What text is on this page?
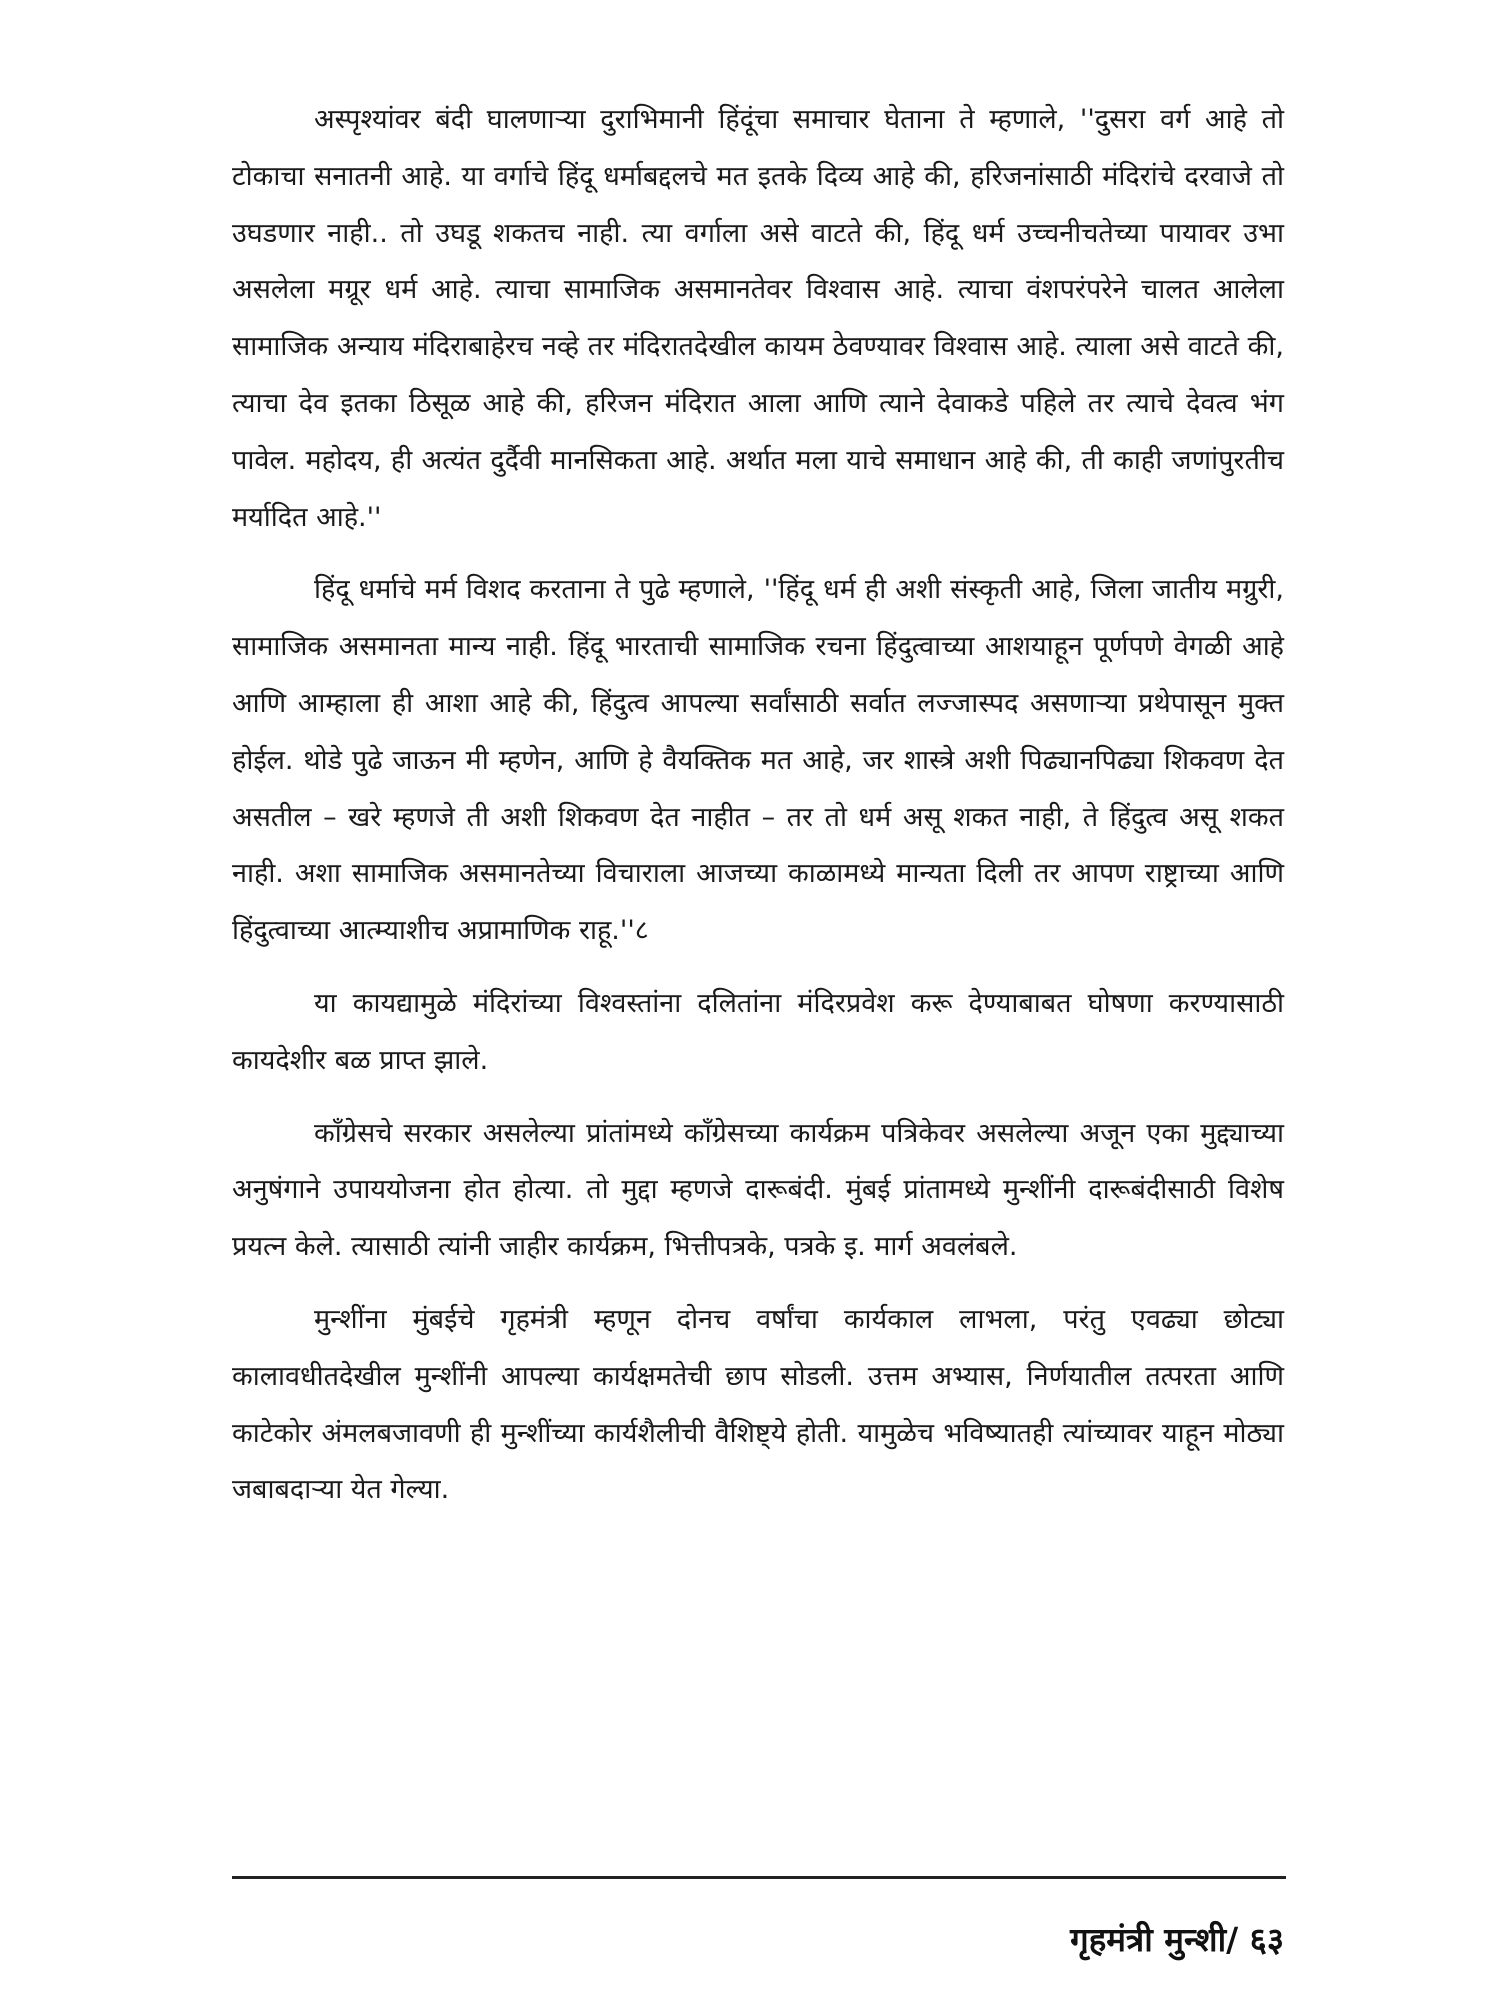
अस्पृश्यांवर बंदी घालणाऱ्या दुराभिमानी हिंदूंचा समाचार घेताना ते म्हणाले, ''दुसरा वर्ग आहे तो टोकाचा सनातनी आहे. या वर्गाचे हिंदू धर्माबद्दलचे मत इतके दिव्य आहे की, हरिजनांसाठी मंदिरांचे दरवाजे तो उघडणार नाही.. तो उघडू शकतच नाही. त्या वर्गाला असे वाटते की, हिंदू धर्म उच्चनीचतेच्या पायावर उभा असलेला मग्रूर धर्म आहे. त्याचा सामाजिक असमानतेवर विश्वास आहे. त्याचा वंशपरंपरेने चालत आलेला सामाजिक अन्याय मंदिराबाहेरच नव्हे तर मंदिरातदेखील कायम ठेवण्यावर विश्वास आहे. त्याला असे वाटते की, त्याचा देव इतका ठिसूळ आहे की, हरिजन मंदिरात आला आणि त्याने देवाकडे पहिले तर त्याचे देवत्व भंग पावेल. महोदय, ही अत्यंत दुर्दैवी मानसिकता आहे. अर्थात मला याचे समाधान आहे की, ती काही जणांपुरतीच मर्यादित आहे.''

हिंदू धर्माचे मर्म विशद करताना ते पुढे म्हणाले, ''हिंदू धर्म ही अशी संस्कृती आहे, जिला जातीय मग्रुरी, सामाजिक असमानता मान्य नाही. हिंदू भारताची सामाजिक रचना हिंदुत्वाच्या आशयाहून पूर्णपणे वेगळी आहे आणि आम्हाला ही आशा आहे की, हिंदुत्व आपल्या सर्वांसाठी सर्वात लज्जास्पद असणाऱ्या प्रथेपासून मुक्त होईल. थोडे पुढे जाऊन मी म्हणेन, आणि हे वैयक्तिक मत आहे, जर शास्त्रे अशी पिढ्यानपिढ्या शिकवण देत असतील – खरे म्हणजे ती अशी शिकवण देत नाहीत – तर तो धर्म असू शकत नाही, ते हिंदुत्व असू शकत नाही. अशा सामाजिक असमानतेच्या विचाराला आजच्या काळामध्ये मान्यता दिली तर आपण राष्ट्राच्या आणि हिंदुत्वाच्या आत्म्याशीच अप्रामाणिक राहू.''८

या कायद्यामुळे मंदिरांच्या विश्वस्तांना दलितांना मंदिरप्रवेश करू देण्याबाबत घोषणा करण्यासाठी कायदेशीर बळ प्राप्त झाले.

काँग्रेसचे सरकार असलेल्या प्रांतांमध्ये काँग्रेसच्या कार्यक्रम पत्रिकेवर असलेल्या अजून एका मुद्द्याच्या अनुषंगाने उपाययोजना होत होत्या. तो मुद्दा म्हणजे दारूबंदी. मुंबई प्रांतामध्ये मुन्शींनी दारूबंदीसाठी विशेष प्रयत्न केले. त्यासाठी त्यांनी जाहीर कार्यक्रम, भित्तीपत्रके, पत्रके इ. मार्ग अवलंबले.

मुन्शींना मुंबईचे गृहमंत्री म्हणून दोनच वर्षांचा कार्यकाल लाभला, परंतु एवढ्या छोट्या कालावधीतदेखील मुन्शींनी आपल्या कार्यक्षमतेची छाप सोडली. उत्तम अभ्यास, निर्णयातील तत्परता आणि काटेकोर अंमलबजावणी ही मुन्शींच्या कार्यशैलीची वैशिष्ट्ये होती. यामुळेच भविष्यातही त्यांच्यावर याहून मोठ्या जबाबदाऱ्या येत गेल्या.

गृहमंत्री मुन्शी/ ६३
